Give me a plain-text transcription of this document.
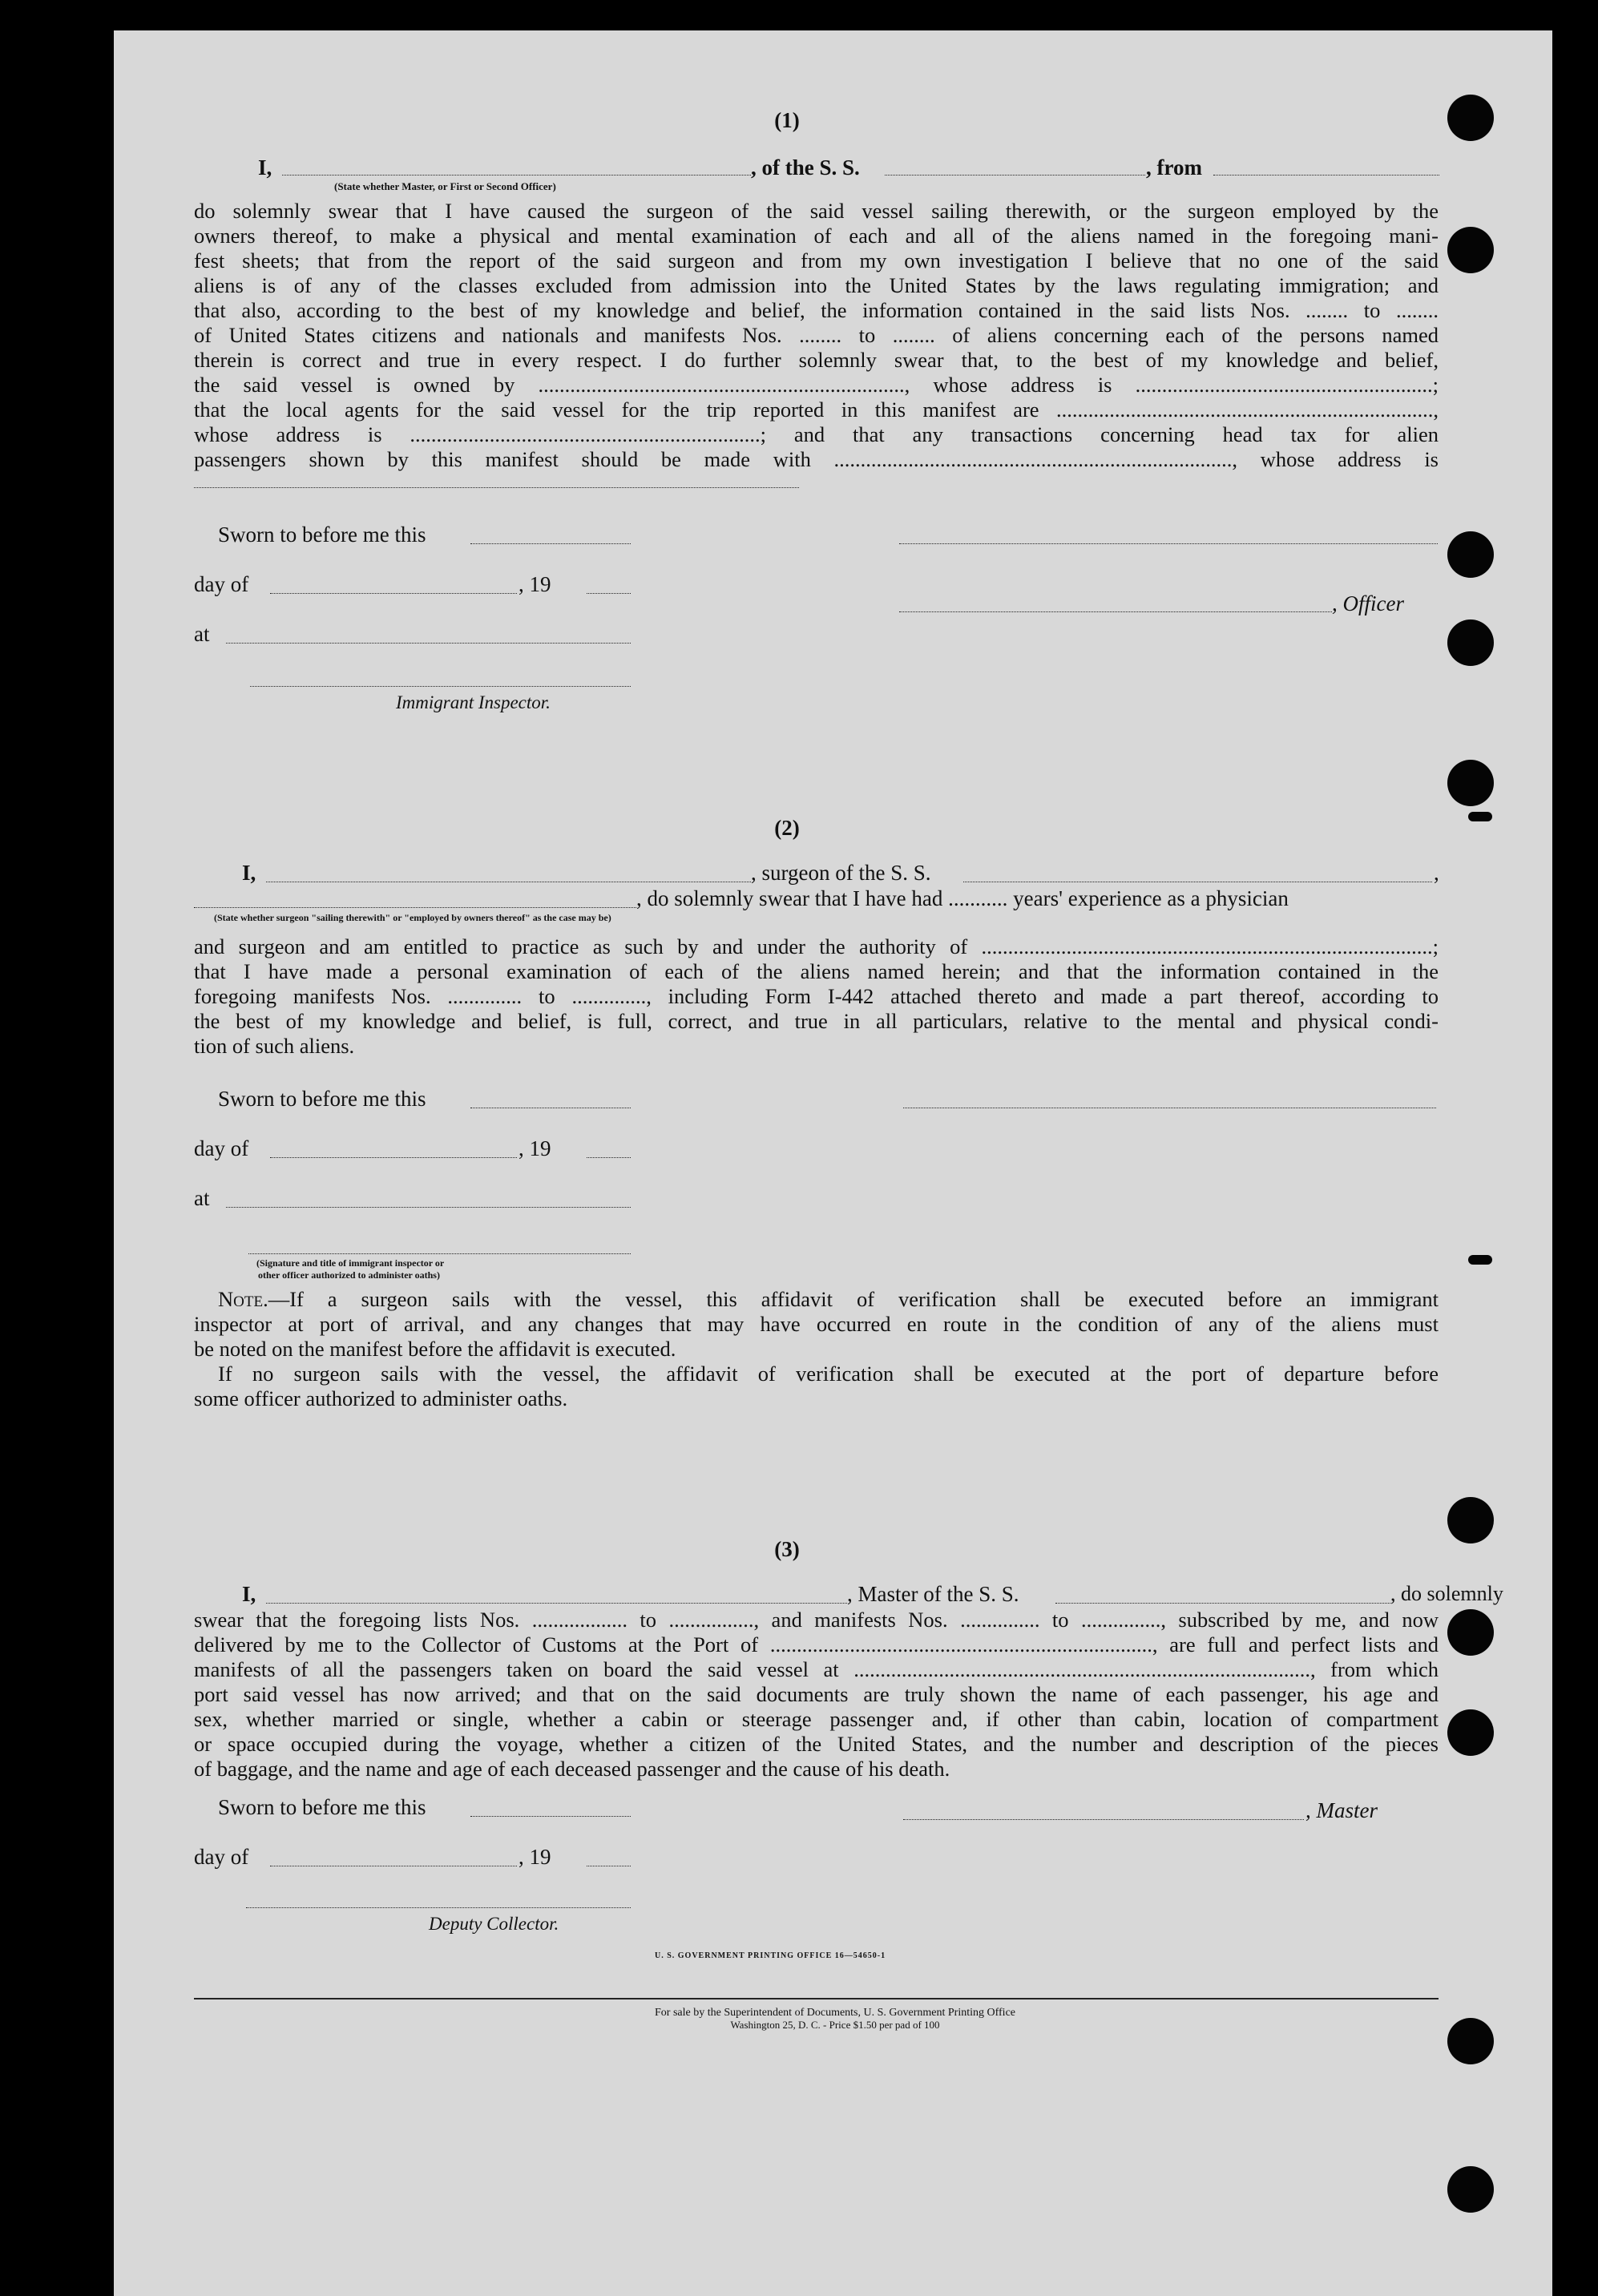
(1)
I,	, of the S. S.	, from
(State whether Master, or First or Second Officer)
do solemnly swear that I have caused the surgeon of the said vessel sailing therewith, or the surgeon employed by the
owners thereof, to make a physical and mental examination of each and all of the aliens named in the foregoing mani-
fest sheets; that from the report of the said surgeon and from my own investigation I believe that no one of the said
aliens is of any of the classes excluded from admission into the United States by the laws regulating immigration; and
that also, according to the best of my knowledge and belief, the information contained in the said lists Nos. ........ to ........
of United States citizens and nationals and manifests Nos. ........ to ........ of aliens concerning each of the persons named
therein is correct and true in every respect. I do further solemnly swear that, to the best of my knowledge and belief,
the said vessel is owned by ....................................................................., whose address is ........................................................;
that the local agents for the said vessel for the trip reported in this manifest are .......................................................................,
whose address is ..................................................................; and that any transactions concerning head tax for alien
passengers shown by this manifest should be made with ..........................................................................., whose address is
Sworn to before me this
day of	, 19
, Officer
at
Immigrant Inspector.
(2)
I,	, surgeon of the S. S.	,
, do solemnly swear that I have had ........... years' experience as a physician
(State whether surgeon "sailing therewith" or "employed by owners thereof" as the case may be)
and surgeon and am entitled to practice as such by and under the authority of .....................................................................................;
that I have made a personal examination of each of the aliens named herein; and that the information contained in the
foregoing manifests Nos. .............. to .............., including Form I-442 attached thereto and made a part thereof, according to
the best of my knowledge and belief, is full, correct, and true in all particulars, relative to the mental and physical condi-
tion of such aliens.
Sworn to before me this
day of	, 19
at
(Signature and title of immigrant inspector or
other officer authorized to administer oaths)
Note.—If a surgeon sails with the vessel, this affidavit of verification shall be executed before an immigrant
inspector at port of arrival, and any changes that may have occurred en route in the condition of any of the aliens must
be noted on the manifest before the affidavit is executed.
If no surgeon sails with the vessel, the affidavit of verification shall be executed at the port of departure before
some officer authorized to administer oaths.
(3)
I,	, Master of the S. S.	, do solemnly
swear that the foregoing lists Nos. .................. to ................, and manifests Nos. ............... to ..............., subscribed by me, and now
delivered by me to the Collector of Customs at the Port of ........................................................................, are full and perfect lists and
manifests of all the passengers taken on board the said vessel at ......................................................................................, from which
port said vessel has now arrived; and that on the said documents are truly shown the name of each passenger, his age and
sex, whether married or single, whether a cabin or steerage passenger and, if other than cabin, location of compartment
or space occupied during the voyage, whether a citizen of the United States, and the number and description of the pieces
of baggage, and the name and age of each deceased passenger and the cause of his death.
Sworn to before me this	, Master
day of	, 19
Deputy Collector.
U. S. GOVERNMENT PRINTING OFFICE 16—54650-1
For sale by the Superintendent of Documents, U. S. Government Printing Office
Washington 25, D. C. - Price $1.50 per pad of 100
